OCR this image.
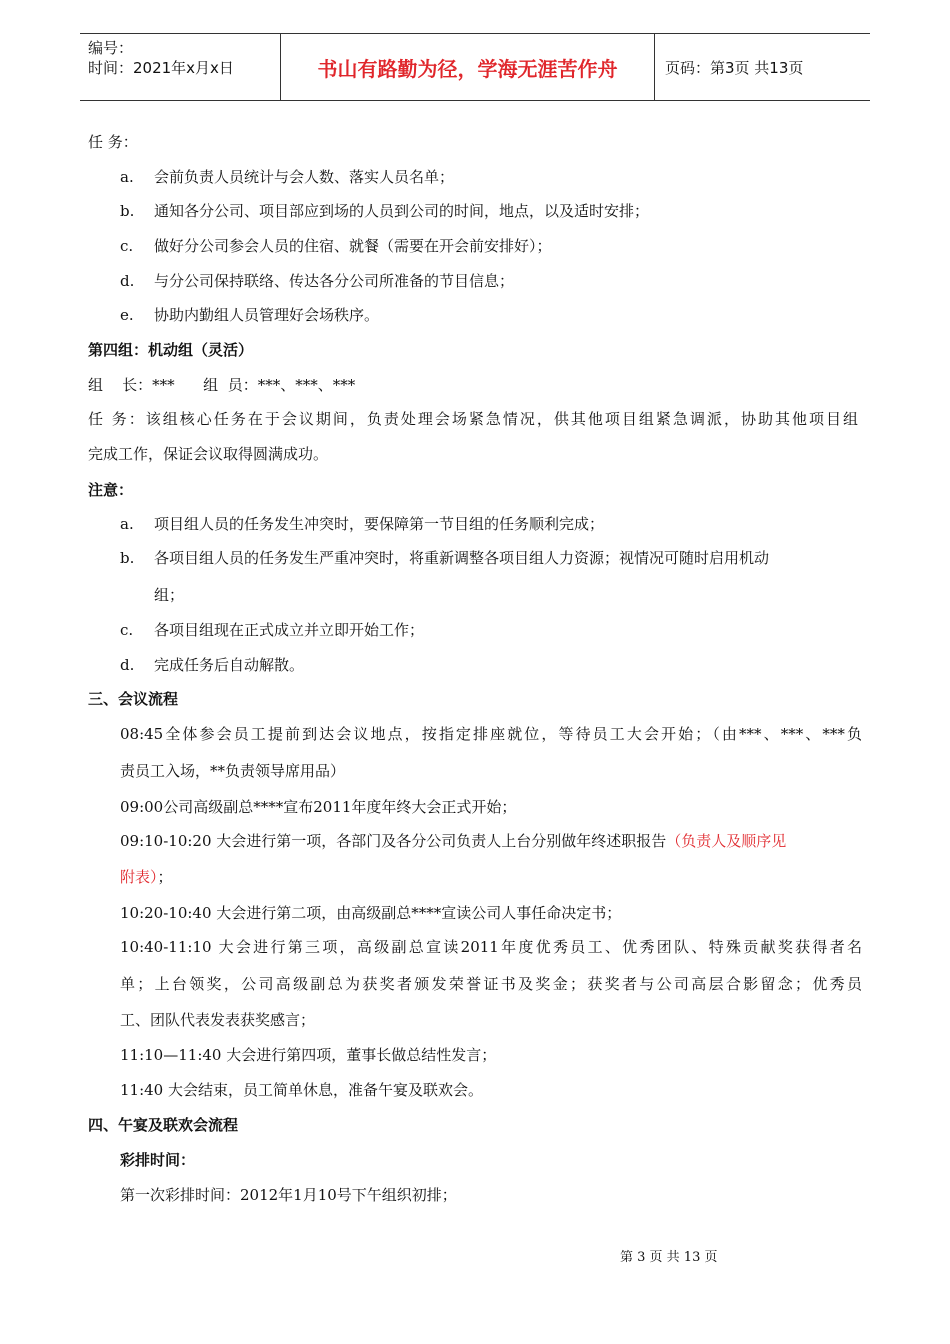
编号：
时间：2021年x月x日	书山有路勤为径，学海无涯苦作舟	页码：第3页 共13页
任 务：
a. 会前负责人员统计与会人数、落实人员名单；
b. 通知各分公司、项目部应到场的人员到公司的时间，地点，以及适时安排；
c. 做好分公司参会人员的住宿、就餐（需要在开会前安排好）；
d. 与分公司保持联络、传达各分公司所准备的节目信息；
e. 协助内勤组人员管理好会场秩序。
第四组：机动组（灵活）
组    长：***      组  员：***、***、***
任 务：该组核心任务在于会议期间，负责处理会场紧急情况，供其他项目组紧急调派，协助其他项目组
完成工作，保证会议取得圆满成功。
注意：
a. 项目组人员的任务发生冲突时，要保障第一节目组的任务顺利完成；
b. 各项目组人员的任务发生严重冲突时，将重新调整各项目组人力资源；视情况可随时启用机动
组；
c. 各项目组现在正式成立并立即开始工作；
d. 完成任务后自动解散。
三、会议流程
08:45全体参会员工提前到达会议地点，按指定排座就位，等待员工大会开始；（由***、***、***负
责员工入场，**负责领导席用品）
09:00公司高级副总****宣布2011年度年终大会正式开始；
09:10-10:20 大会进行第一项，各部门及各分公司负责人上台分别做年终述职报告（负责人及顺序见
附表）；
10:20-10:40 大会进行第二项，由高级副总****宣读公司人事任命决定书；
10:40-11:10 大会进行第三项，高级副总宣读2011年度优秀员工、优秀团队、特殊贡献奖获得者名
单；上台领奖，公司高级副总为获奖者颁发荣誉证书及奖金；获奖者与公司高层合影留念；优秀员
工、团队代表发表获奖感言；
11:10—11:40 大会进行第四项，董事长做总结性发言；
11:40 大会结束，员工简单休息，准备午宴及联欢会。
四、午宴及联欢会流程
彩排时间：
第一次彩排时间：2012年1月10号下午组织初排；
第 3 页 共 13 页
